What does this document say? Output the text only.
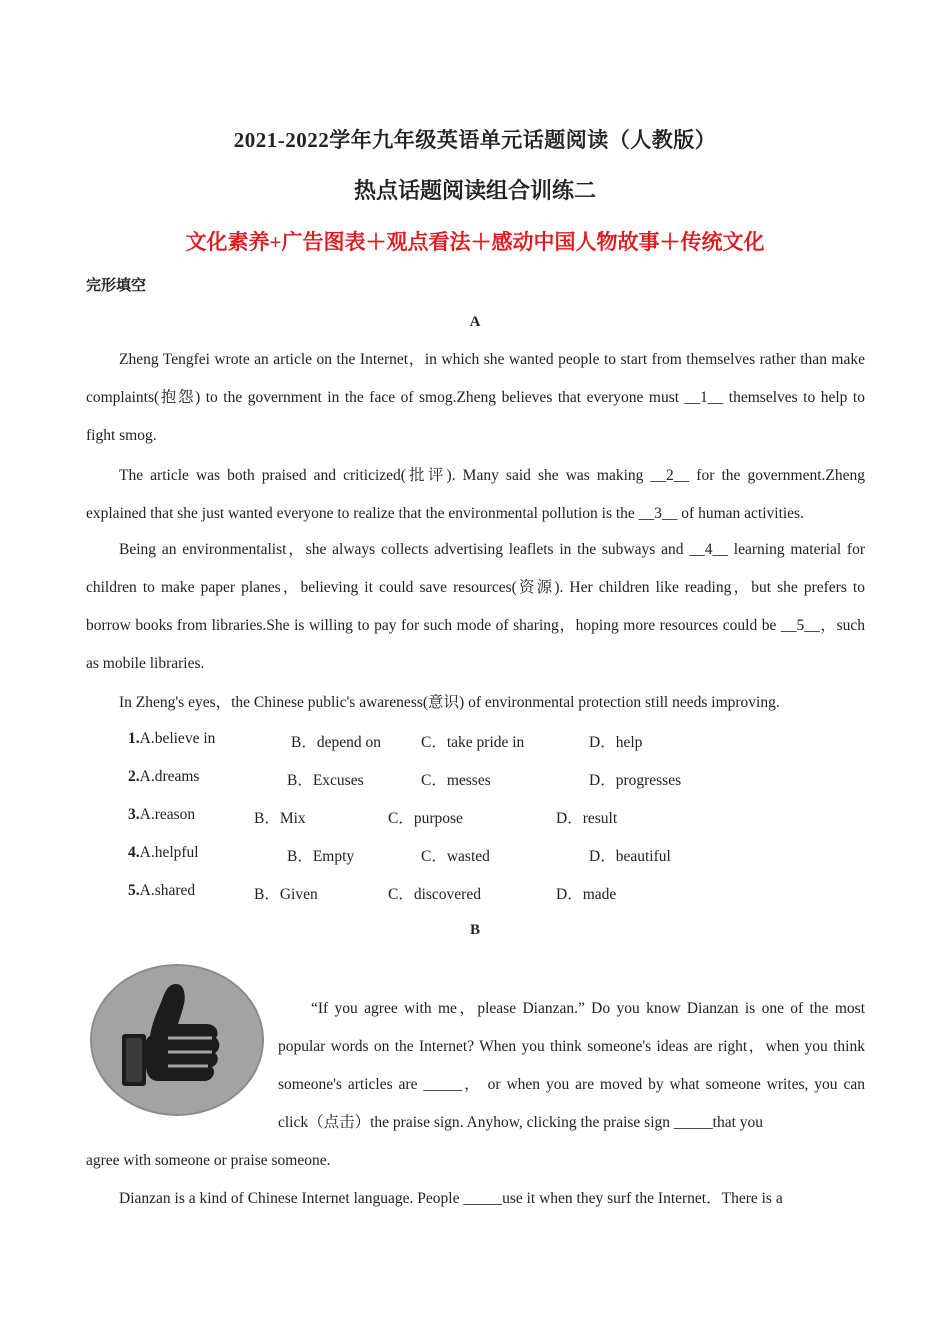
2021-2022学年九年级英语单元话题阅读（人教版）
热点话题阅读组合训练二
文化素养+广告图表＋观点看法＋感动中国人物故事＋传统文化
完形填空
A
Zheng Tengfei wrote an article on the Internet，in which she wanted people to start from themselves rather than make complaints(抱怨) to the government in the face of smog.Zheng believes that everyone must __1__ themselves to help to fight smog.
The article was both praised and criticized(批评). Many said she was making __2__ for the government.Zheng explained that she just wanted everyone to realize that the environmental pollution is the __3__ of human activities.
Being an environmentalist，she always collects advertising leaflets in the subways and __4__ learning material for children to make paper planes，believing it could save resources(资源). Her children like reading，but she prefers to borrow books from libraries.She is willing to pay for such mode of sharing，hoping more resources could be __5__，such as mobile libraries.
In Zheng's eyes，the Chinese public's awareness(意识) of environmental protection still needs improving.
1.A.believe in	B．depend on	C．take pride in	D．help
2.A.dreams	B．Excuses	C．messes	D．progresses
3.A.reason	B．Mix	C．purpose	D．result
4.A.helpful	B．Empty	C．wasted	D．beautiful
5.A.shared	B．Given	C．discovered	D．made
B
“If you agree with me，please Dianzan.” Do you know Dianzan is one of the most popular words on the Internet? When you think someone's ideas are right，when you think someone's articles are _____， or when you are moved by what someone writes, you can click（点击）the praise sign. Anyhow, clicking the praise sign _____that you
agree with someone or praise someone.
Dianzan is a kind of Chinese Internet language. People _____use it when they surf the Internet．There is a
